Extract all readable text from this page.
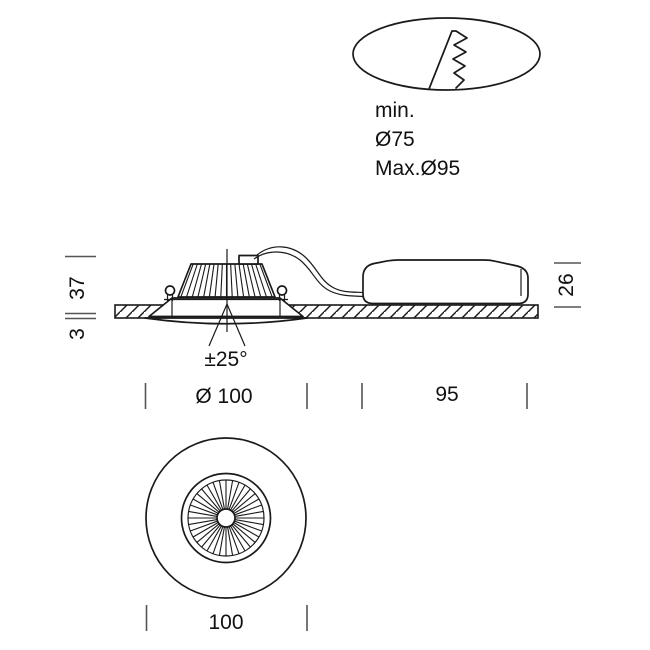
min.
Ø75
Max.Ø95
±25°
37
3
26
Ø 100	95
100
